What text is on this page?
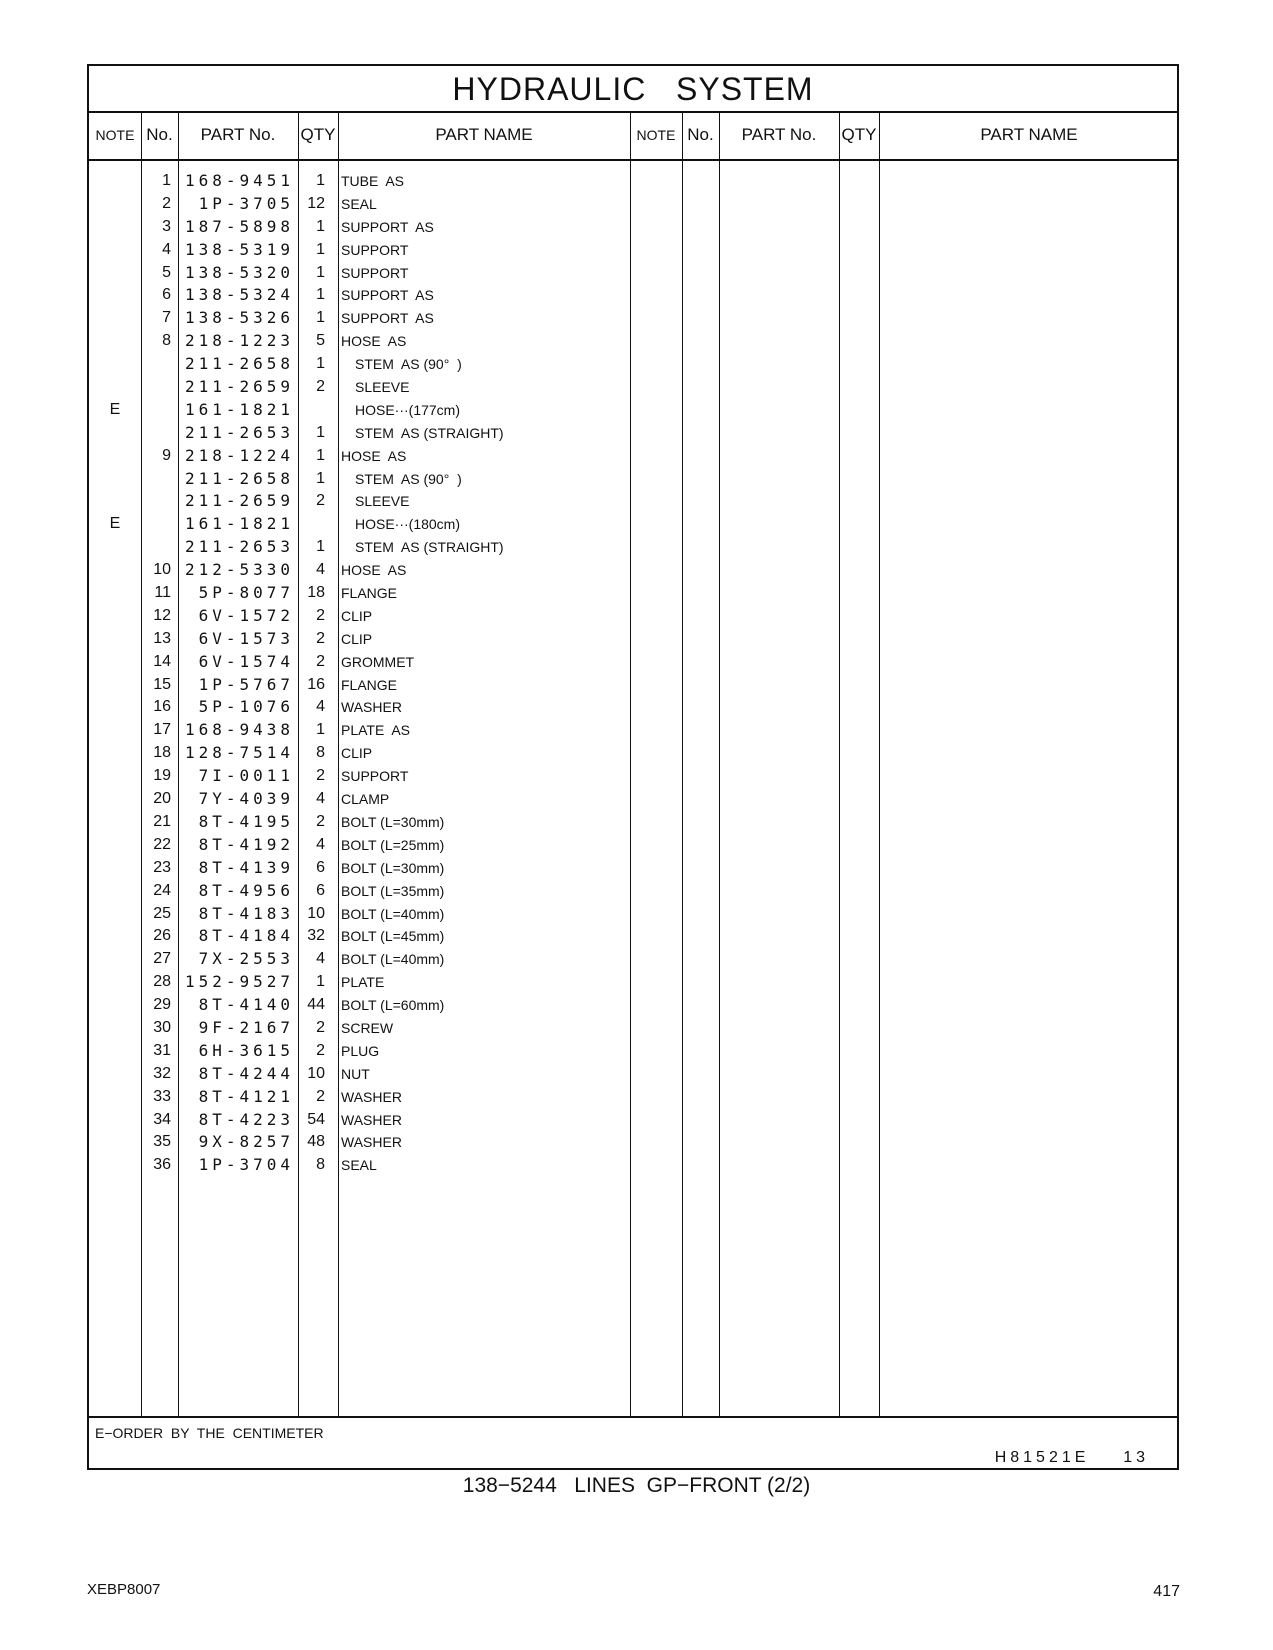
HYDRAULIC   SYSTEM
NOTE No.	PART No.	QTY	PART NAME	NOTE No.	PART No.	QTY	PART NAME
1 168-9451	1 TUBE  AS
2	1P-3705 12 SEAL
3 187-5898	1 SUPPORT  AS
4 138-5319	1 SUPPORT
5 138-5320	1 SUPPORT
6 138-5324	1 SUPPORT  AS
7 138-5326	1 SUPPORT  AS
8 218-1223	5 HOSE  AS
211-2658	1 STEM  AS (90°  )
211-2659	2 SLEEVE
E	161-1821	HOSE···(177cm)
211-2653	1 STEM  AS (STRAIGHT)
9 218-1224	1 HOSE  AS
211-2658	1 STEM  AS (90°  )
211-2659	2 SLEEVE
E	161-1821	HOSE···(180cm)
211-2653	1 STEM  AS (STRAIGHT)
10 212-5330	4 HOSE  AS
11	5P-8077 18 FLANGE
12	6V-1572	2 CLIP
13	6V-1573	2 CLIP
14	6V-1574	2 GROMMET
15	1P-5767 16 FLANGE
16	5P-1076	4 WASHER
17 168-9438	1 PLATE  AS
18 128-7514	8 CLIP
19	7I-0011	2 SUPPORT
20	7Y-4039	4 CLAMP
21	8T-4195	2 BOLT (L=30mm)
22	8T-4192	4 BOLT (L=25mm)
23	8T-4139	6 BOLT (L=30mm)
24	8T-4956	6 BOLT (L=35mm)
25	8T-4183 10 BOLT (L=40mm)
26	8T-4184 32 BOLT (L=45mm)
27	7X-2553	4 BOLT (L=40mm)
28 152-9527	1 PLATE
29	8T-4140 44 BOLT (L=60mm)
30	9F-2167	2 SCREW
31	6H-3615	2 PLUG
32	8T-4244 10 NUT
33	8T-4121	2 WASHER
34	8T-4223 54 WASHER
35	9X-8257 48 WASHER
36	1P-3704	8 SEAL
E−ORDER  BY  THE  CENTIMETER
H81521E    13
138−5244   LINES  GP−FRONT (2/2)
XEBP8007	417
